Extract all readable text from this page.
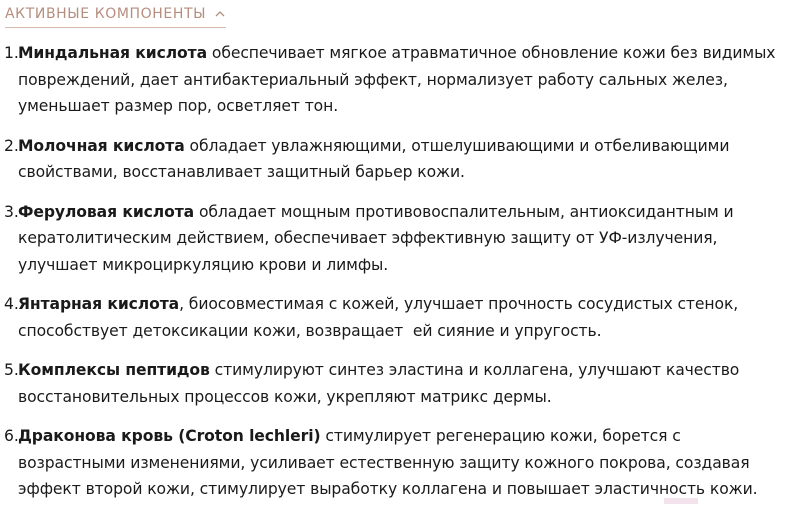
АКТИВНЫЕ КОМПОНЕНТЫ
1. Миндальная кислота обеспечивает мягкое атравматичное обновление кожи без видимых повреждений, дает антибактериальный эффект, нормализует работу сальных желез, уменьшает размер пор, осветляет тон.
2. Молочная кислота обладает увлажняющими, отшелушивающими и отбеливающими свойствами, восстанавливает защитный барьер кожи.
3. Феруловая кислота обладает мощным противовоспалительным, антиоксидантным и кератолитическим действием, обеспечивает эффективную защиту от УФ-излучения, улучшает микроциркуляцию крови и лимфы.
4. Янтарная кислота, биосовместимая с кожей, улучшает прочность сосудистых стенок, способствует детоксикации кожи, возвращает  ей сияние и упругость.
5. Комплексы пептидов стимулируют синтез эластина и коллагена, улучшают качество восстановительных процессов кожи, укрепляют матрикс дермы.
6. Драконова кровь (Croton lechleri) стимулирует регенерацию кожи, борется с возрастными изменениями, усиливает естественную защиту кожного покрова, создавая эффект второй кожи, стимулирует выработку коллагена и повышает эластичность кожи.
